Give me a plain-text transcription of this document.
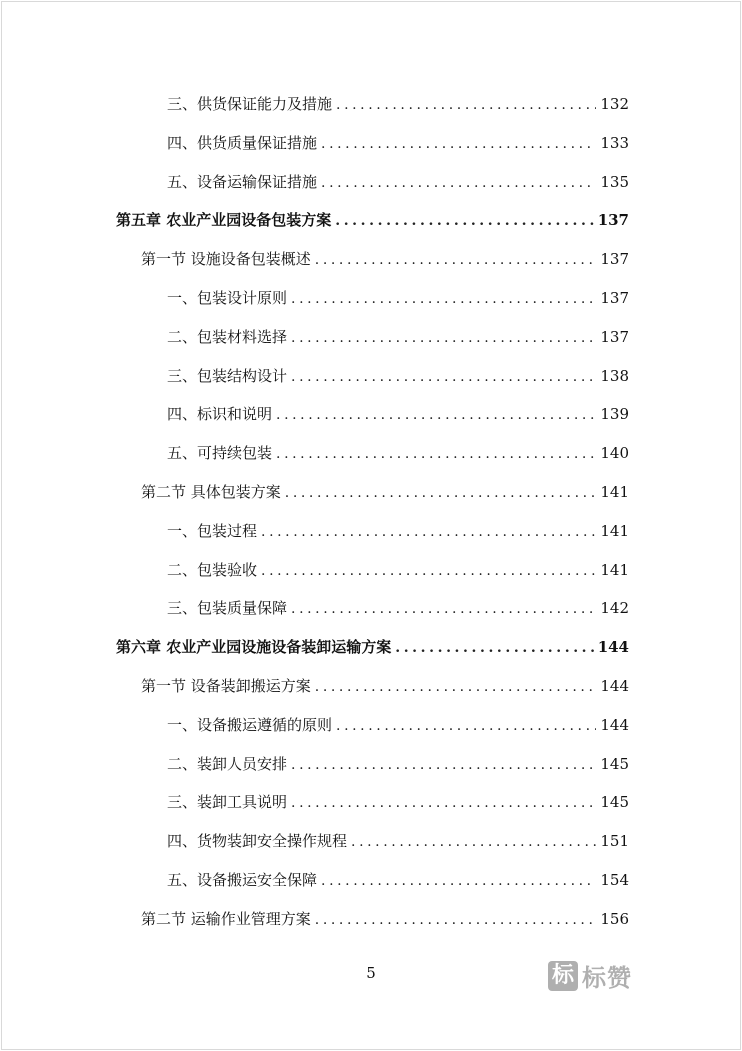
三、供货保证能力及措施 .....	132
四、供货质量保证措施 .....	133
五、设备运输保证措施 .....	135
第五章 农业产业园设备包装方案 .....	137
第一节 设施设备包装概述 .....	137
一、包装设计原则 .....	137
二、包装材料选择 .....	137
三、包装结构设计 .....	138
四、标识和说明 .....	139
五、可持续包装 .....	140
第二节 具体包装方案 .....	141
一、包装过程 .....	141
二、包装验收 .....	141
三、包装质量保障 .....	142
第六章 农业产业园设施设备装卸运输方案 .....	144
第一节 设备装卸搬运方案 .....	144
一、设备搬运遵循的原则 .....	144
二、装卸人员安排 .....	145
三、装卸工具说明 .....	145
四、货物装卸安全操作规程 .....	151
五、设备搬运安全保障 .....	154
第二节 运输作业管理方案 .....	156
5	标 标赞
